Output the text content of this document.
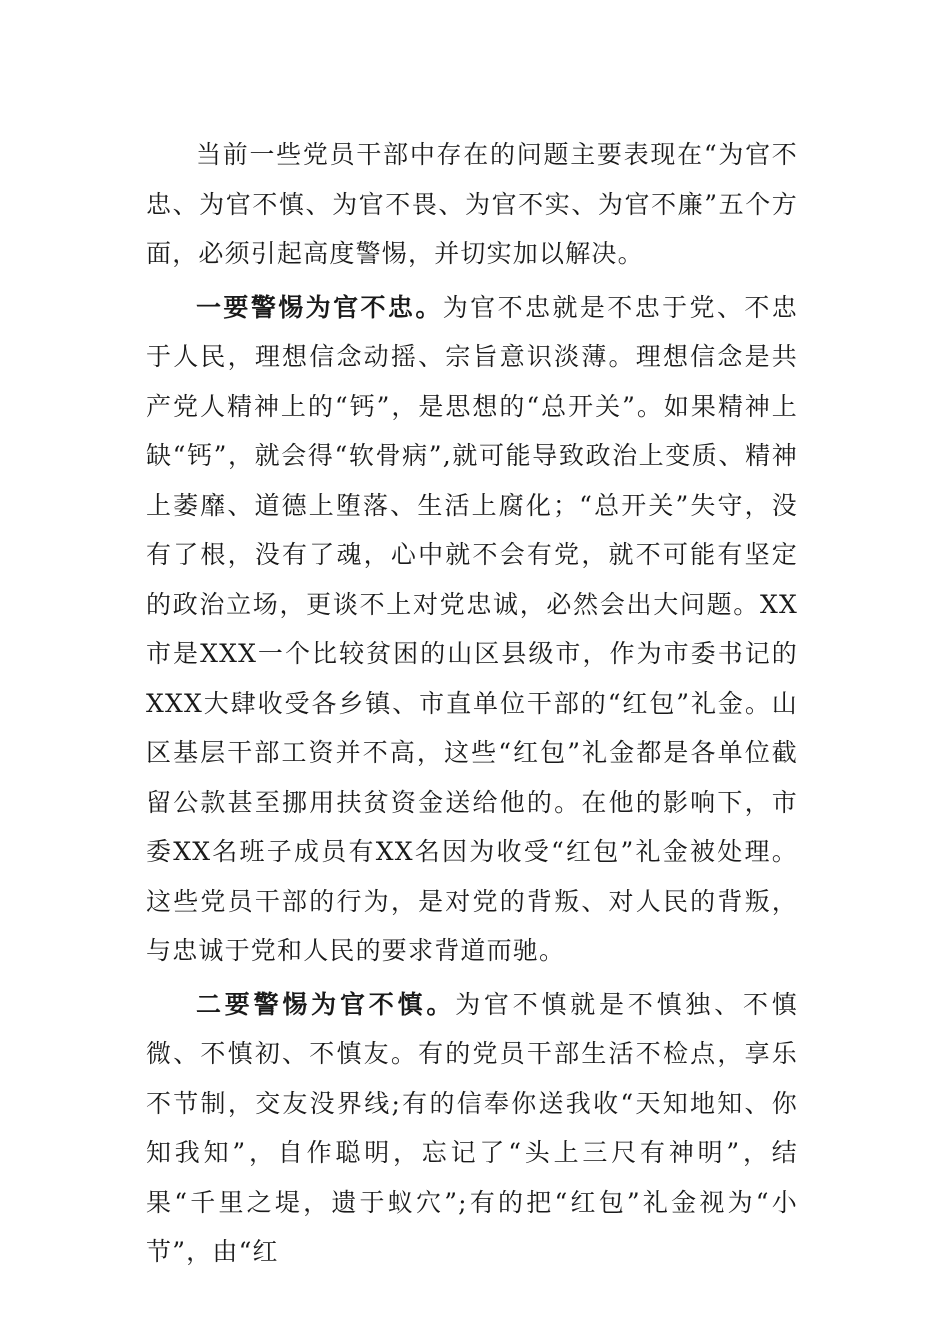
当前一些党员干部中存在的问题主要表现在“为官不忠、为官不慎、为官不畏、为官不实、为官不廉”五个方面，必须引起高度警惕，并切实加以解决。

一要警惕为官不忠。为官不忠就是不忠于党、不忠于人民，理想信念动摇、宗旨意识淡薄。理想信念是共产党人精神上的“钙”，是思想的“总开关”。如果精神上缺“钙”，就会得“软骨病”,就可能导致政治上变质、精神上萎靡、道德上堕落、生活上腐化；“总开关”失守，没有了根，没有了魂，心中就不会有党，就不可能有坚定的政治立场，更谈不上对党忠诚，必然会出大问题。XX市是XXX一个比较贫困的山区县级市，作为市委书记的XXX大肆收受各乡镇、市直单位干部的“红包”礼金。山区基层干部工资并不高，这些“红包”礼金都是各单位截留公款甚至挪用扶贫资金送给他的。在他的影响下，市委XX名班子成员有XX名因为收受“红包”礼金被处理。这些党员干部的行为，是对党的背叛、对人民的背叛，与忠诚于党和人民的要求背道而驰。

二要警惕为官不慎。为官不慎就是不慎独、不慎微、不慎初、不慎友。有的党员干部生活不检点，享乐不节制，交友没界线;有的信奉你送我收“天知地知、你知我知”，自作聪明，忘记了“头上三尺有神明”，结果“千里之堤，遗于蚁穴”;有的把“红包”礼金视为“小节”，由“红
